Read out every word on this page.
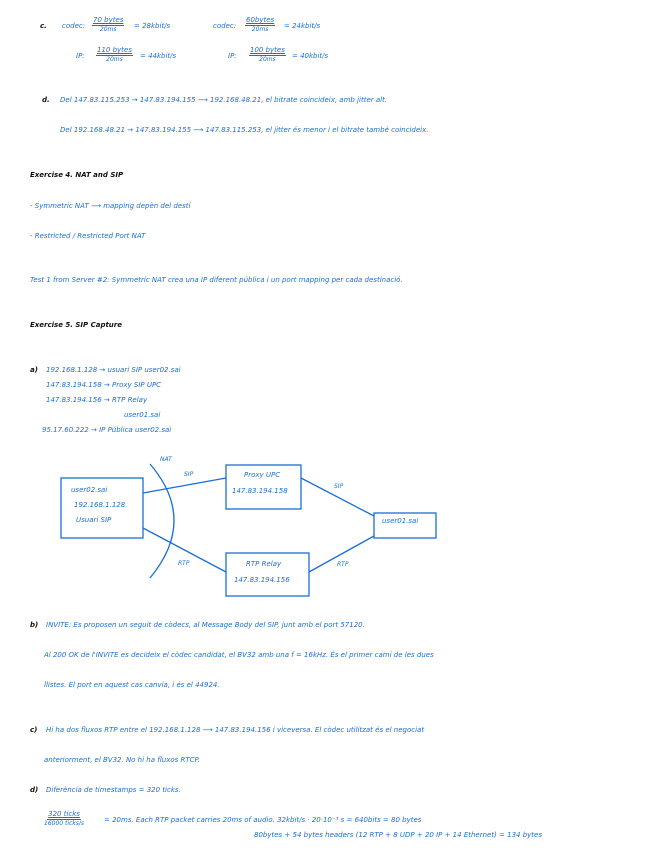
c. codec:
70 bytes
20ms = 28kbit/s	codec:
60bytes
20ms = 24kbit/s
IP:
110 bytes
20ms = 44kbit/s	IP:
100 bytes
20ms = 40kbit/s
d. Del 147.83.115.253 → 147.83.194.155 ⟶ 192.168.48.21, el bitrate coincideix, amb jitter alt.
Del 192.168.48.21 → 147.83.194.155 ⟶ 147.83.115.253, el jitter és menor i el bitrate també coincideix.
Exercise 4. NAT and SIP
- Symmetric NAT ⟶ mapping depèn del destí
- Restricted / Restricted Port NAT
Test 1 from Server #2: Symmetric NAT crea una IP diferent pública i un port mapping per cada destinació.
Exercise 5. SIP Capture
a) 192.168.1.128 → usuari SIP user02.sai
147.83.194.158 → Proxy SIP UPC
147.83.194.156 → RTP Relay
user01.sai
95.17.60.222 → IP Pública user02.sai
NAT
SIP
SIP
RTP	RTP
user02.sai
192.168.1.128
Usuari SIP
Proxy UPC
147.83.194.158
RTP Relay
147.83.194.156
user01.sai
b) INVITE: Es proposen un seguit de còdecs, al Message Body del SIP, junt amb el port 57120.
Al 200 OK de l'INVITE es decideix el còdec candidat, el BV32 amb una f = 16kHz. És el primer camí de les dues
llistes. El port en aquest cas canvia, i és el 44924.
c) Hi ha dos fluxos RTP entre el 192.168.1.128 ⟶ 147.83.194.156 i viceversa. El còdec utilitzat és el negociat
anteriorment, el BV32. No hi ha fluxos RTCP.
d) Diferència de timestamps = 320 ticks.
320 ticks
16000 ticks/s	= 20ms. Each RTP packet carries 20ms of audio. 32kbit/s · 20·10⁻³ s = 640bits = 80 bytes
80bytes + 54 bytes headers (12 RTP + 8 UDP + 20 IP + 14 Ethernet) = 134 bytes
